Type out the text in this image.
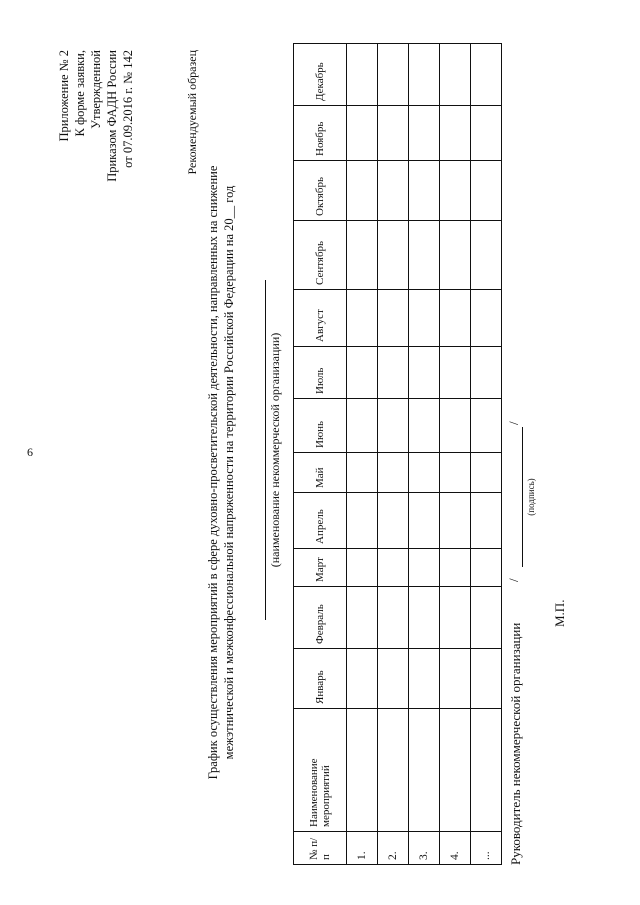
6
Приложение № 2 К форме заявки, Утвержденной Приказом ФАДН России от 07.09.2016 г. № 142	Рекомендуемый образец
График осуществления мероприятий в сфере духовно-просветительской деятельности, направленных на снижение межэтнической и межконфессиональной напряженности на территории Российской Федерации на 20__ год	(наименование некоммерческой организации)
№ п/п	Наименование мероприятий	Январь	Февраль	Март	Апрель	Май	Июнь	Июль	Август	Сентябрь	Октябрь	Ноябрь	Декабрь
1.													
2.													
3.													
4.													
...													Руководитель некоммерческой организации
/
(подпись)
/
М.П.
